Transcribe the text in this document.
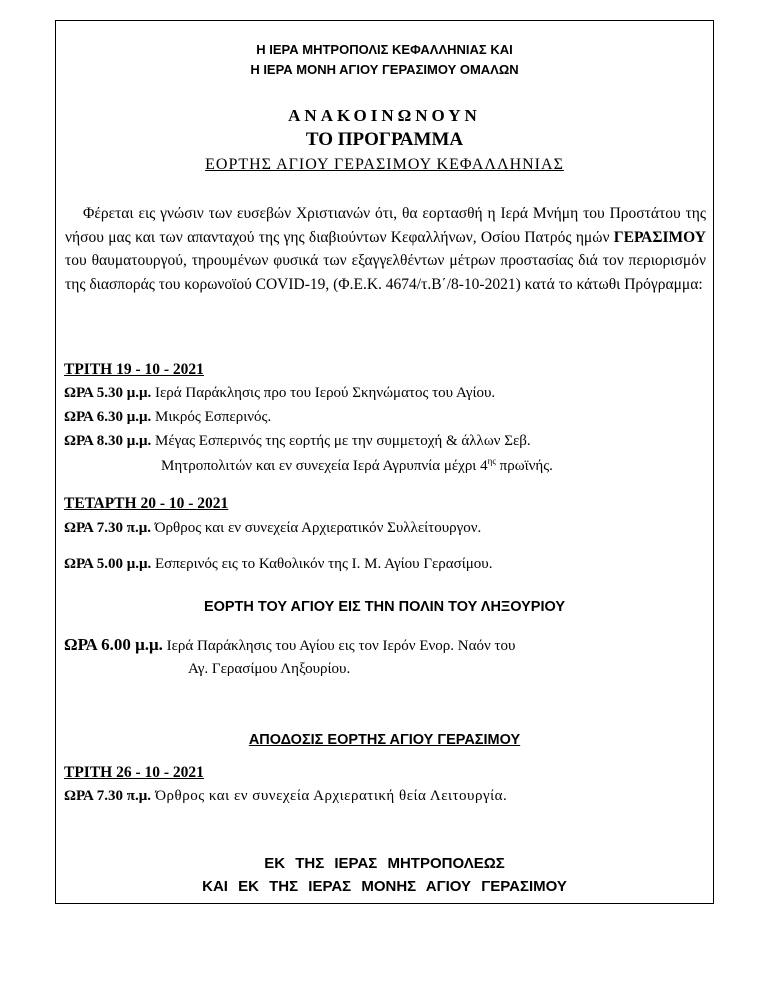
Η ΙΕΡΑ ΜΗΤΡΟΠΟΛΙΣ ΚΕΦΑΛΛΗΝΙΑΣ ΚΑΙ
Η ΙΕΡΑ ΜΟΝΗ ΑΓΙΟΥ ΓΕΡΑΣΙΜΟΥ ΟΜΑΛΩΝ
ΑΝΑΚΟΙΝΩΝΟΥΝ
ΤΟ ΠΡΟΓΡΑΜΜΑ
ΕΟΡΤΗΣ ΑΓΙΟΥ ΓΕΡΑΣΙΜΟΥ ΚΕΦΑΛΛΗΝΙΑΣ
Φέρεται εις γνώσιν των ευσεβών Χριστιανών ότι, θα εορτασθή η Ιερά Μνήμη του Προστάτου της νήσου μας και των απανταχού της γης διαβιούντων Κεφαλλήνων, Οσίου Πατρός ημών ΓΕΡΑΣΙΜΟΥ του θαυματουργού, τηρουμένων φυσικά των εξαγγελθέντων μέτρων προστασίας διά τον περιορισμόν της διασποράς του κορωνοϊού COVID-19, (Φ.Ε.Κ. 4674/τ.Β΄/8-10-2021) κατά το κάτωθι Πρόγραμμα:
ΤΡΙΤΗ 19 - 10 - 2021
ΩΡΑ 5.30 μ.μ. Ιερά Παράκλησις προ του Ιερού Σκηνώματος του Αγίου.
ΩΡΑ 6.30 μ.μ. Μικρός Εσπερινός.
ΩΡΑ 8.30 μ.μ. Μέγας Εσπερινός της εορτής με την συμμετοχή & άλλων Σεβ.
Μητροπολιτών και εν συνεχεία Ιερά Αγρυπνία μέχρι $4^{\eta\varsigma}$ πρωϊνής.
ΤΕΤΑΡΤΗ 20 - 10 - 2021
ΩΡΑ 7.30 π.μ. Όρθρος και εν συνεχεία Αρχιερατικόν Συλλείτουργον.
ΩΡΑ 5.00 μ.μ. Εσπερινός εις το Καθολικόν της Ι. Μ. Αγίου Γερασίμου.
ΕΟΡΤΗ ΤΟΥ ΑΓΙΟΥ ΕΙΣ ΤΗΝ ΠΟΛΙΝ ΤΟΥ ΛΗΞΟΥΡΙΟΥ
ΩΡΑ 6.00 μ.μ. Ιερά Παράκλησις του Αγίου εις τον Ιερόν Ενορ. Ναόν του
Αγ. Γερασίμου Ληξουρίου.
ΑΠΟΔΟΣΙΣ ΕΟΡΤΗΣ ΑΓΙΟΥ ΓΕΡΑΣΙΜΟΥ
ΤΡΙΤΗ 26 - 10 - 2021
ΩΡΑ 7.30 π.μ. Όρθρος και εν συνεχεία Αρχιερατική θεία Λειτουργία.
ΕΚ ΤΗΣ ΙΕΡΑΣ ΜΗΤΡΟΠΟΛΕΩΣ
ΚΑΙ ΕΚ ΤΗΣ ΙΕΡΑΣ ΜΟΝΗΣ ΑΓΙΟΥ ΓΕΡΑΣΙΜΟΥ
